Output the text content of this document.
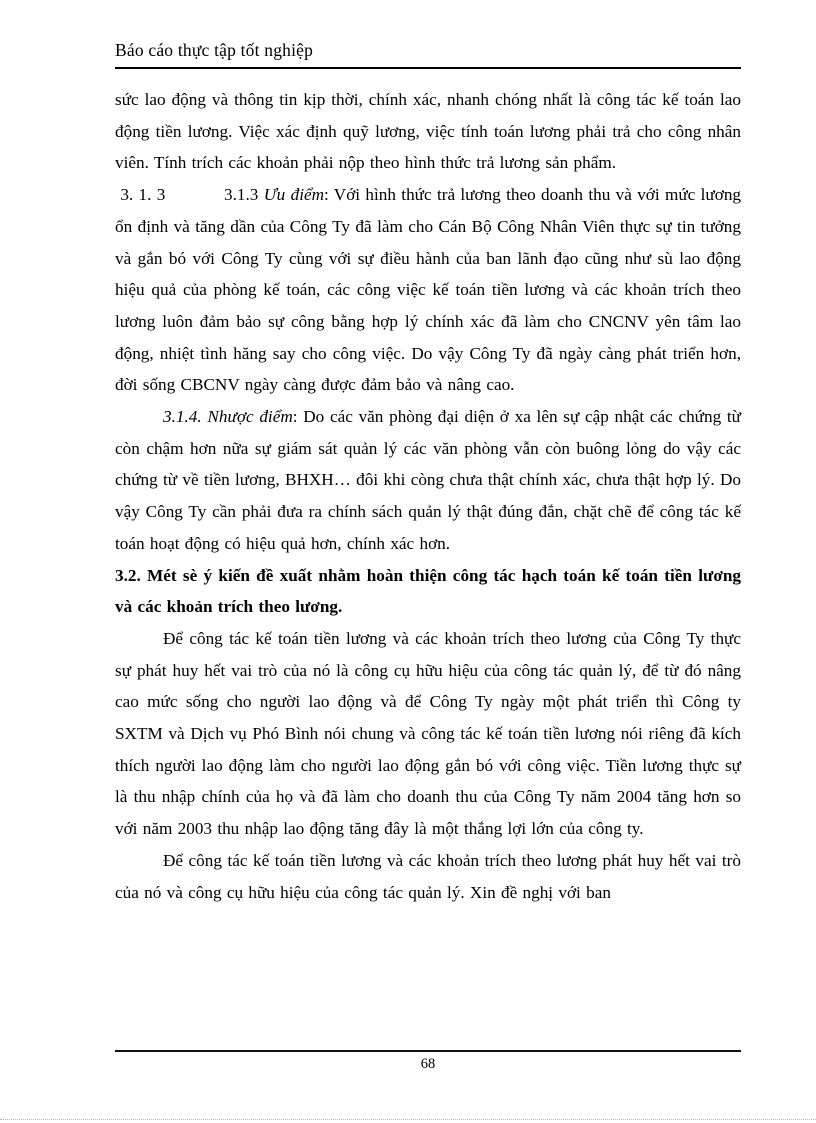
Báo cáo thực tập tốt nghiệp

sức lao động và thông tin kịp thời, chính xác, nhanh chóng nhất là công tác kế toán lao động tiền lương. Việc xác định quỹ lương, việc tính toán lương phải trả cho công nhân viên. Tính trích các khoản phải nộp theo hình thức trả lương sản phẩm.

3. 1. 3           3.1.3 Ưu điểm: Với hình thức trả lương theo doanh thu và với mức lương ổn định và tăng dần của Công Ty đã làm cho Cán Bộ Công Nhân Viên thực sự tin tưởng và gắn bó với Công Ty cùng với sự điều hành của ban lãnh đạo cũng như sù lao động hiệu quả của phòng kế toán, các công việc kế toán tiền lương và các khoản trích theo lương luôn đảm bảo sự công bằng hợp lý chính xác đã làm cho CNCNV yên tâm lao động, nhiệt tình hăng say cho công việc. Do vậy Công Ty đã ngày càng phát triển hơn, đời sống CBCNV ngày càng được đảm bảo và nâng cao.

3.1.4. Nhược điểm: Do các văn phòng đại diện ở xa lên sự cập nhật các chứng từ còn chậm hơn nữa sự giám sát quản lý các văn phòng vẫn còn buông lỏng do vậy các chứng từ về tiền lương, BHXH… đôi khi còng chưa thật chính xác, chưa thật hợp lý. Do vậy Công Ty cần phải đưa ra chính sách quản lý thật đúng đắn, chặt chẽ để công tác kế toán hoạt động có hiệu quả hơn, chính xác hơn.

3.2. Mét sè ý kiến đề xuất nhằm hoàn thiện công tác hạch toán kế toán tiền lương và các khoản trích theo lương.

Để công tác kế toán tiền lương và các khoản trích theo lương của Công Ty thực sự phát huy hết vai trò của nó là công cụ hữu hiệu của công tác quản lý, để từ đó nâng cao mức sống cho người lao động và để Công Ty ngày một phát triển thì Công ty SXTM và Dịch vụ Phó Bình nói chung và công tác kế toán tiền lương nói riêng đã kích thích người lao động làm cho người lao động gắn bó với công việc. Tiền lương thực sự là thu nhập chính của họ và đã làm cho doanh thu của Công Ty năm 2004 tăng hơn so với năm 2003 thu nhập lao động tăng đây là một thắng lợi lớn của công ty.

Để công tác kế toán tiền lương và các khoản trích theo lương phát huy hết vai trò của nó và công cụ hữu hiệu của công tác quản lý. Xin đề nghị với ban

68
